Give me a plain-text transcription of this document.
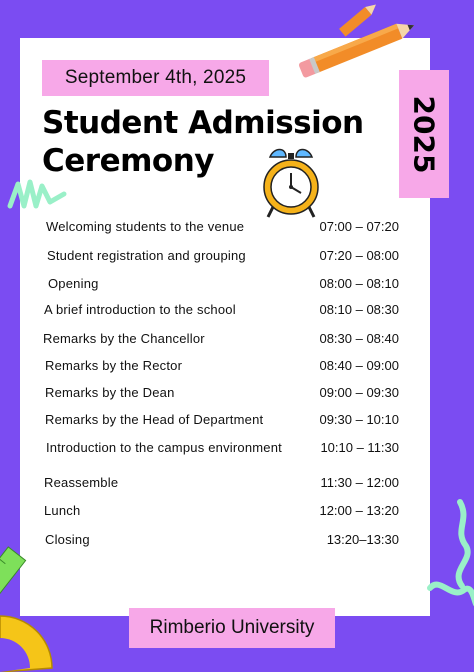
September 4th, 2025
Student Admission Ceremony	2025
Welcoming students to the venue	07:00 – 07:20
Student registration and grouping	07:20 – 08:00
Opening	08:00 – 08:10
A brief introduction to the school	08:10 – 08:30
Remarks by the Chancellor	08:30 – 08:40
Remarks by the Rector	08:40 – 09:00
Remarks by the Dean	09:00 – 09:30
Remarks by the Head of Department	09:30 – 10:10
Introduction to the campus environment	10:10 – 11:30
Reassemble	11:30 – 12:00
Lunch	12:00 – 13:20
Closing	13:20–13:30
Rimberio University
